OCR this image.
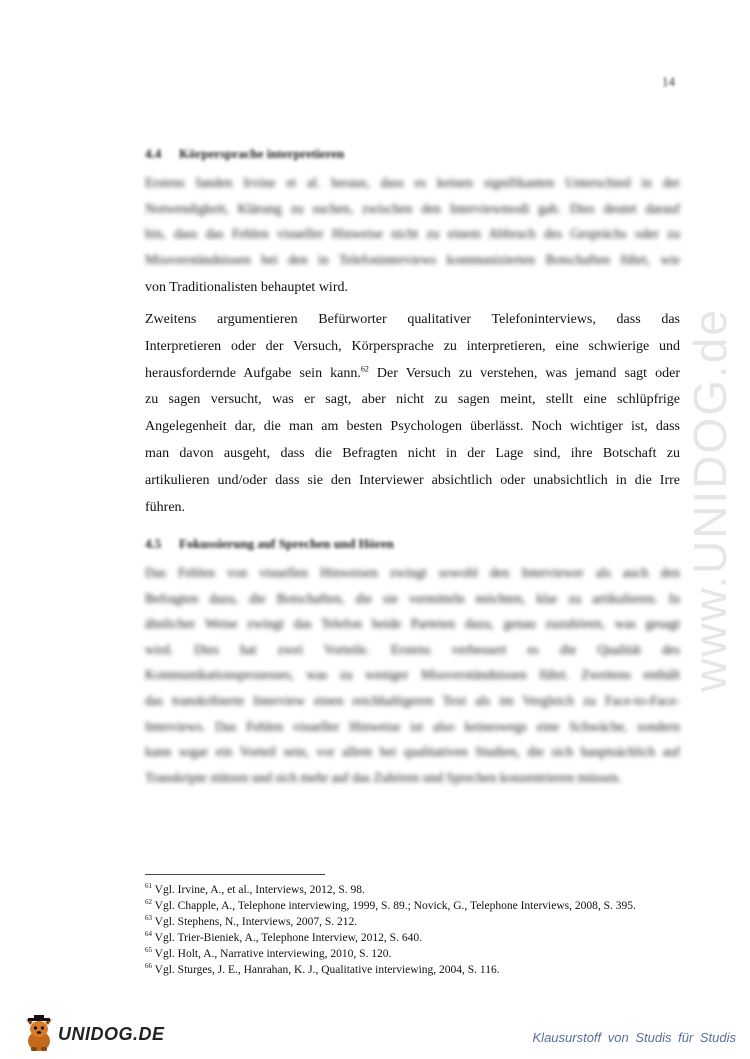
14
www.UNIDOG.de
4.4 Körpersprache interpretieren
Erstens fanden Irvine et al. heraus, dass es keinen signifikanten Unterschied in der
Notwendigkeit, Klärung zu suchen, zwischen den Interviewmodi gab. Dies deutet darauf
hin, dass das Fehlen visueller Hinweise nicht zu einem Abbruch des Gesprächs oder zu
Missverständnissen bei den in Telefoninterviews kommunizierten Botschaften führt, wie
von Traditionalisten behauptet wird.
Zweitens argumentieren Befürworter qualitativer Telefoninterviews, dass das
Interpretieren oder der Versuch, Körpersprache zu interpretieren, eine schwierige und
herausfordernde Aufgabe sein kann.$^{62}$ Der Versuch zu verstehen, was jemand sagt oder
zu sagen versucht, was er sagt, aber nicht zu sagen meint, stellt eine schlüpfrige
Angelegenheit dar, die man am besten Psychologen überlässt. Noch wichtiger ist, dass
man davon ausgeht, dass die Befragten nicht in der Lage sind, ihre Botschaft zu
artikulieren und/oder dass sie den Interviewer absichtlich oder unabsichtlich in die Irre
führen.
4.5 Fokussierung auf Sprechen und Hören
Das Fehlen von visuellen Hinweisen zwingt sowohl den Interviewer als auch den
Befragten dazu, die Botschaften, die sie vermitteln möchten, klar zu artikulieren. In
ähnlicher Weise zwingt das Telefon beide Parteien dazu, genau zuzuhören, was gesagt
wird. Dies hat zwei Vorteile. Erstens verbessert es die Qualität des
Kommunikationsprozesses, was zu weniger Missverständnissen führt. Zweitens enthält
das transkribierte Interview einen reichhaltigeren Text als im Vergleich zu Face-to-Face-
Interviews. Das Fehlen visueller Hinweise ist also keineswegs eine Schwäche, sondern
kann sogar ein Vorteil sein, vor allem bei qualitativen Studien, die sich hauptsächlich auf
Transkripte stützen und sich mehr auf das Zuhören und Sprechen konzentrieren müssen.
$^{61}$ Vgl. Irvine, A., et al., Interviews, 2012, S. 98.
$^{62}$ Vgl. Chapple, A., Telephone interviewing, 1999, S. 89.; Novick, G., Telephone Interviews, 2008, S. 395.
$^{63}$ Vgl. Stephens, N., Interviews, 2007, S. 212.
$^{64}$ Vgl. Trier-Bieniek, A., Telephone Interview, 2012, S. 640.
$^{65}$ Vgl. Holt, A., Narrative interviewing, 2010, S. 120.
$^{66}$ Vgl. Sturges, J. E., Hanrahan, K. J., Qualitative interviewing, 2004, S. 116.
UNIDOG.DE	Klausurstoff von Studis für Studis
